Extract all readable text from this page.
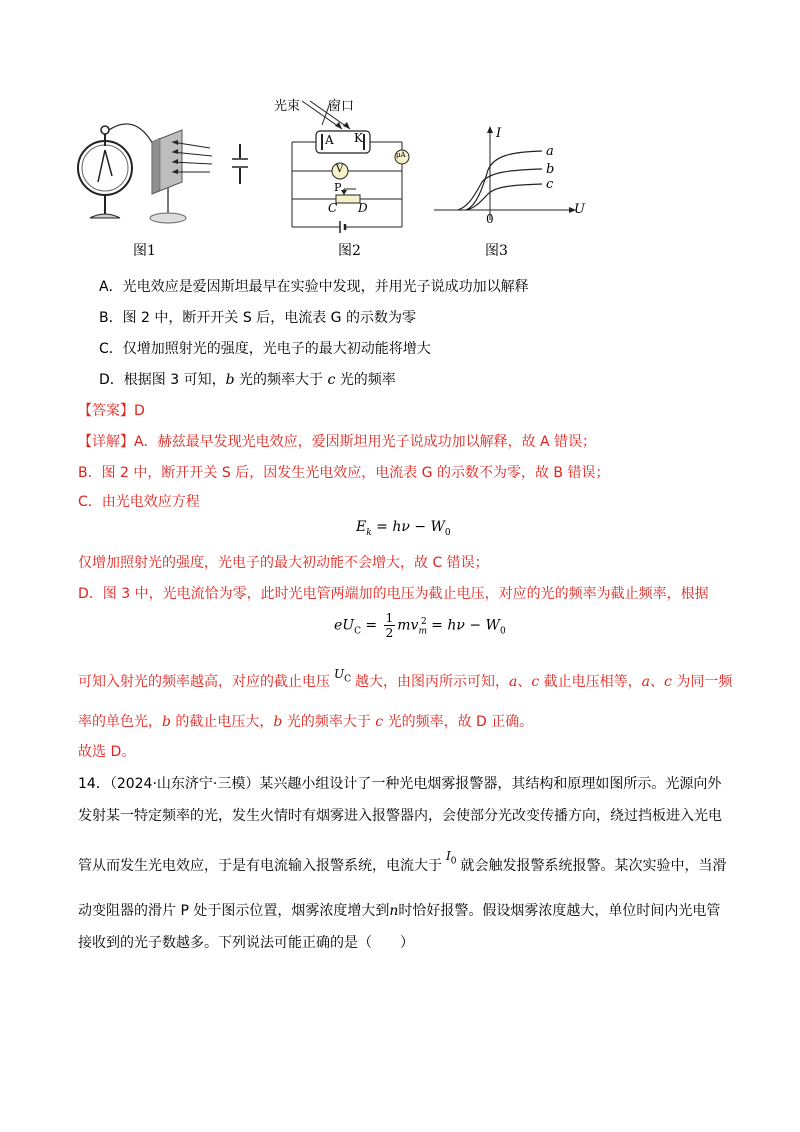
图1
光束 窗口
A K
V
μA
P
C D
图2
I
U
0
a
b
c
图3
A．光电效应是爱因斯坦最早在实验中发现，并用光子说成功加以解释
B．图 2 中，断开开关 S 后，电流表 G 的示数为零
C．仅增加照射光的强度，光电子的最大初动能将增大
D．根据图 3 可知，b 光的频率大于 c 光的频率
【答案】D
【详解】A．赫兹最早发现光电效应，爱因斯坦用光子说成功加以解释，故 A 错误；
B．图 2 中，断开开关 S 后，因发生光电效应，电流表 G 的示数不为零，故 B 错误；
C．由光电效应方程
$E_k = h\nu - W_0$
仅增加照射光的强度，光电子的最大初动能不会增大，故 C 错误；
D．图 3 中，光电流恰为零，此时光电管两端加的电压为截止电压，对应的光的频率为截止频率，根据
$eU_C = \frac{1}{2} mv_m^2 = h\nu - W_0$
可知入射光的频率越高，对应的截止电压 $U_C$ 越大，由图丙所示可知，a、c 截止电压相等，a、c 为同一频
率的单色光，b 的截止电压大，b 光的频率大于 c 光的频率，故 D 正确。
故选 D。
14．（2024·山东济宁·三模）某兴趣小组设计了一种光电烟雾报警器，其结构和原理如图所示。光源向外
发射某一特定频率的光，发生火情时有烟雾进入报警器内，会使部分光改变传播方向，绕过挡板进入光电
管从而发生光电效应，于是有电流输入报警系统，电流大于$I_0$ 就会触发报警系统报警。某次实验中，当滑
动变阻器的滑片 P 处于图示位置，烟雾浓度增大到n时恰好报警。假设烟雾浓度越大，单位时间内光电管
接收到的光子数越多。下列说法可能正确的是（　　）
